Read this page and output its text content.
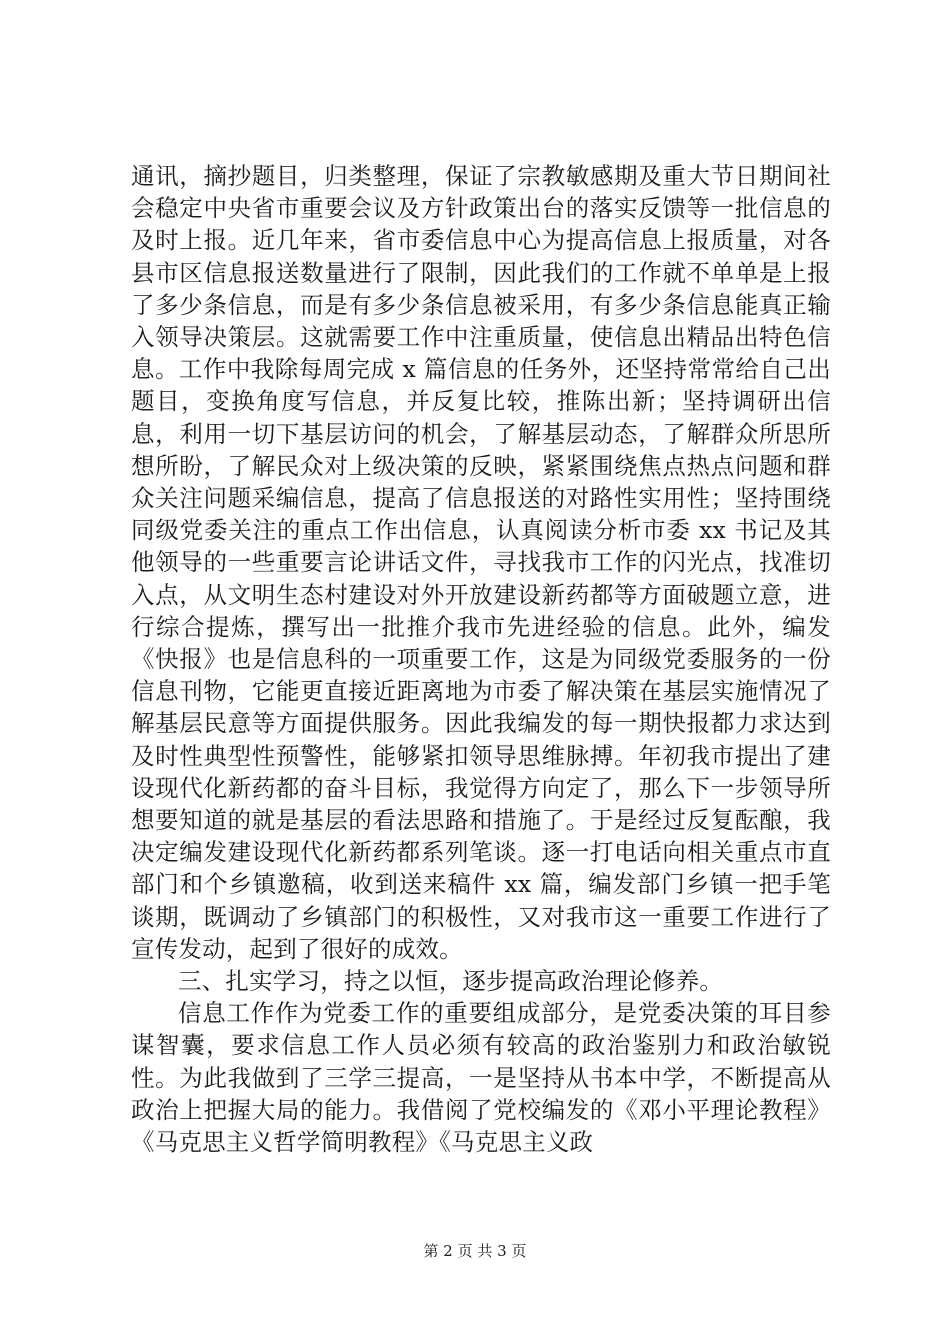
通讯，摘抄题目，归类整理，保证了宗教敏感期及重大节日期间社会稳定中央省市重要会议及方针政策出台的落实反馈等一批信息的及时上报。近几年来，省市委信息中心为提高信息上报质量，对各县市区信息报送数量进行了限制，因此我们的工作就不单单是上报了多少条信息，而是有多少条信息被采用，有多少条信息能真正输入领导决策层。这就需要工作中注重质量，使信息出精品出特色信息。工作中我除每周完成 x 篇信息的任务外，还坚持常常给自己出题目，变换角度写信息，并反复比较，推陈出新；坚持调研出信息，利用一切下基层访问的机会，了解基层动态，了解群众所思所想所盼，了解民众对上级决策的反映，紧紧围绕焦点热点问题和群众关注问题采编信息，提高了信息报送的对路性实用性；坚持围绕同级党委关注的重点工作出信息，认真阅读分析市委 xx 书记及其他领导的一些重要言论讲话文件，寻找我市工作的闪光点，找准切入点，从文明生态村建设对外开放建设新药都等方面破题立意，进行综合提炼，撰写出一批推介我市先进经验的信息。此外，编发《快报》也是信息科的一项重要工作，这是为同级党委服务的一份信息刊物，它能更直接近距离地为市委了解决策在基层实施情况了解基层民意等方面提供服务。因此我编发的每一期快报都力求达到及时性典型性预警性，能够紧扣领导思维脉搏。年初我市提出了建设现代化新药都的奋斗目标，我觉得方向定了，那么下一步领导所想要知道的就是基层的看法思路和措施了。于是经过反复酝酿，我决定编发建设现代化新药都系列笔谈。逐一打电话向相关重点市直部门和个乡镇邀稿，收到送来稿件 xx 篇，编发部门乡镇一把手笔谈期，既调动了乡镇部门的积极性，又对我市这一重要工作进行了宣传发动，起到了很好的成效。

三、扎实学习，持之以恒，逐步提高政治理论修养。

信息工作作为党委工作的重要组成部分，是党委决策的耳目参谋智囊，要求信息工作人员必须有较高的政治鉴别力和政治敏锐性。为此我做到了三学三提高，一是坚持从书本中学，不断提高从政治上把握大局的能力。我借阅了党校编发的《邓小平理论教程》《马克思主义哲学简明教程》《马克思主义政

第 2 页 共 3 页
